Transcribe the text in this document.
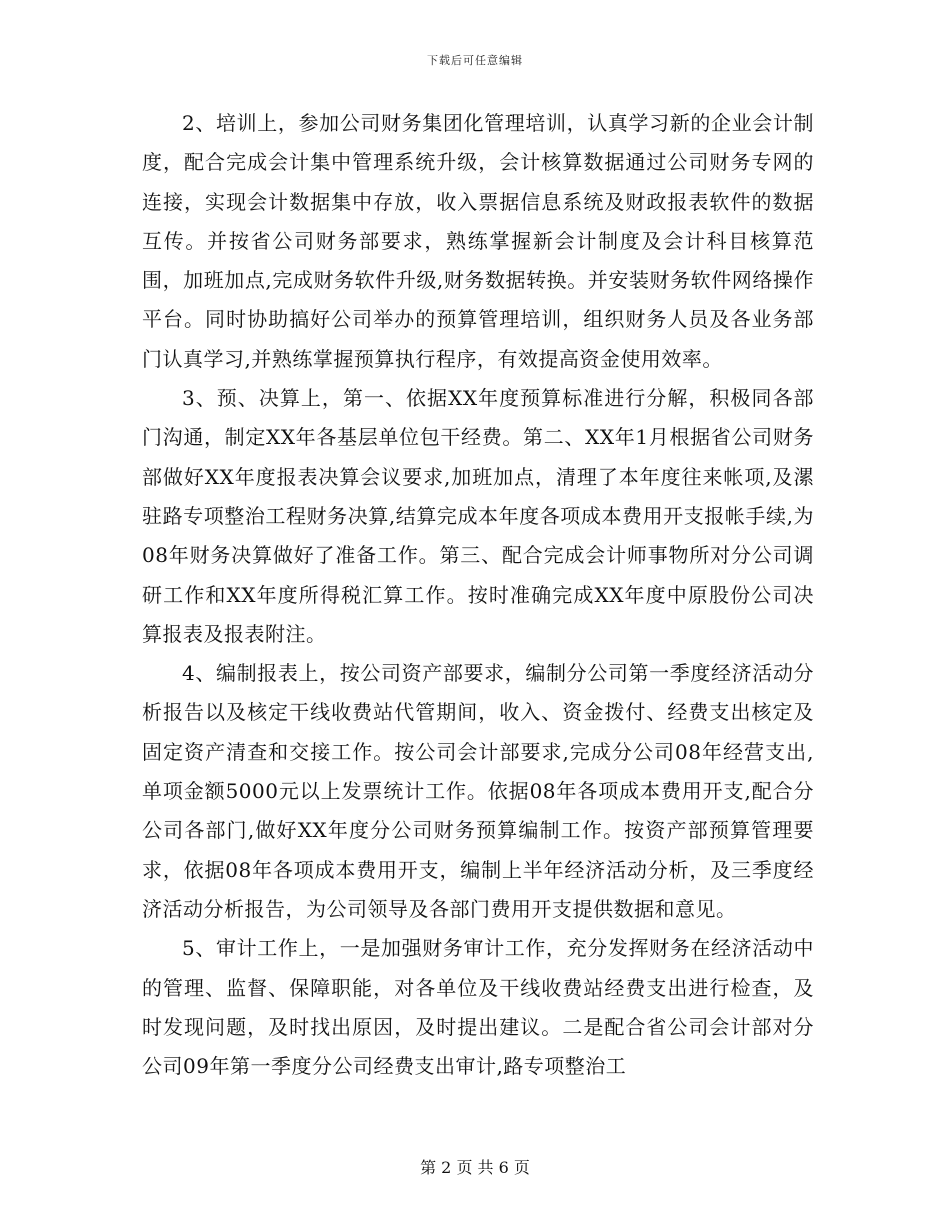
下载后可任意编辑

2、培训上，参加公司财务集团化管理培训，认真学习新的企业会计制度，配合完成会计集中管理系统升级，会计核算数据通过公司财务专网的连接，实现会计数据集中存放，收入票据信息系统及财政报表软件的数据互传。并按省公司财务部要求，熟练掌握新会计制度及会计科目核算范围，加班加点,完成财务软件升级,财务数据转换。并安装财务软件网络操作平台。同时协助搞好公司举办的预算管理培训，组织财务人员及各业务部门认真学习,并熟练掌握预算执行程序，有效提高资金使用效率。

3、预、决算上，第一、依据XX年度预算标准进行分解，积极同各部门沟通，制定XX年各基层单位包干经费。第二、XX年1月根据省公司财务部做好XX年度报表决算会议要求,加班加点，清理了本年度往来帐项,及漯驻路专项整治工程财务决算,结算完成本年度各项成本费用开支报帐手续,为08年财务决算做好了准备工作。第三、配合完成会计师事物所对分公司调研工作和XX年度所得税汇算工作。按时准确完成XX年度中原股份公司决算报表及报表附注。

4、编制报表上，按公司资产部要求，编制分公司第一季度经济活动分析报告以及核定干线收费站代管期间，收入、资金拨付、经费支出核定及固定资产清查和交接工作。按公司会计部要求,完成分公司08年经营支出,单项金额5000元以上发票统计工作。依据08年各项成本费用开支,配合分公司各部门,做好XX年度分公司财务预算编制工作。按资产部预算管理要求，依据08年各项成本费用开支，编制上半年经济活动分析，及三季度经济活动分析报告，为公司领导及各部门费用开支提供数据和意见。

5、审计工作上，一是加强财务审计工作，充分发挥财务在经济活动中的管理、监督、保障职能，对各单位及干线收费站经费支出进行检查，及时发现问题，及时找出原因，及时提出建议。二是配合省公司会计部对分公司09年第一季度分公司经费支出审计,路专项整治工

第 2 页 共 6 页
